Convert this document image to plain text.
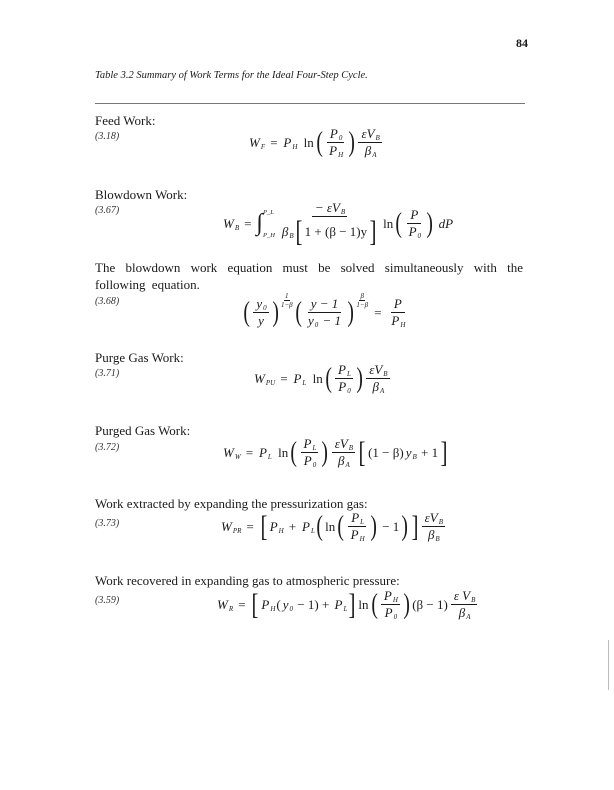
84
Table 3.2 Summary of Work Terms for the Ideal Four-Step Cycle.
Feed Work:
(3.18)	W F = P H
ln ( $\frac{P 0}{\text{P H}}$ ) $\frac{\text{εV B}}{\text{β A}}$
Blowdown Work:
(3.67)
W B = ∫ P_L
P_H $\frac{\text{− εV B}}{\text{β B [ 1 + (β − 1)y ]}}$ ln ( $\frac{P}{P 0}$ ) dP
The blowdown work equation must be solved simultaneously with the following equation.
(3.68)	( $\frac{y 0}{y}$ ) $\frac{1}{1-\beta}$ ( $\frac{y - 1}{y 0 - 1}$ ) $\frac{\beta}{1-\beta}$
= $\frac{P}{\text{P H}}$
Purge Gas Work:
(3.71)	W PU = P L
ln ( $\frac{\text{P L}}{P 0}$ ) $\frac{\text{εV B}}{\text{β A}}$
Purged Gas Work:
(3.72)	W W = P L
ln ( $\frac{\text{P L}}{P 0}$ ) $\frac{\text{εV B}}{\text{β A}}$ [ (1 − β) y B + 1 ]
Work extracted by expanding the pressurization gas:
(3.73)	W PR = [ P H + P L ( ln ( $\frac{\text{P L}}{\text{P H}}$ ) − 1 ) ] $\frac{\text{εV B}}{\text{β B}}$
Work recovered in expanding gas to atmospheric pressure:
(3.59)	W R = [ P H ( y 0 − 1) + P L ] ln ( $\frac{\text{P H}}{P 0}$ ) $(\beta - 1) \frac{\text{ε V B}}{\text{β A}}$
